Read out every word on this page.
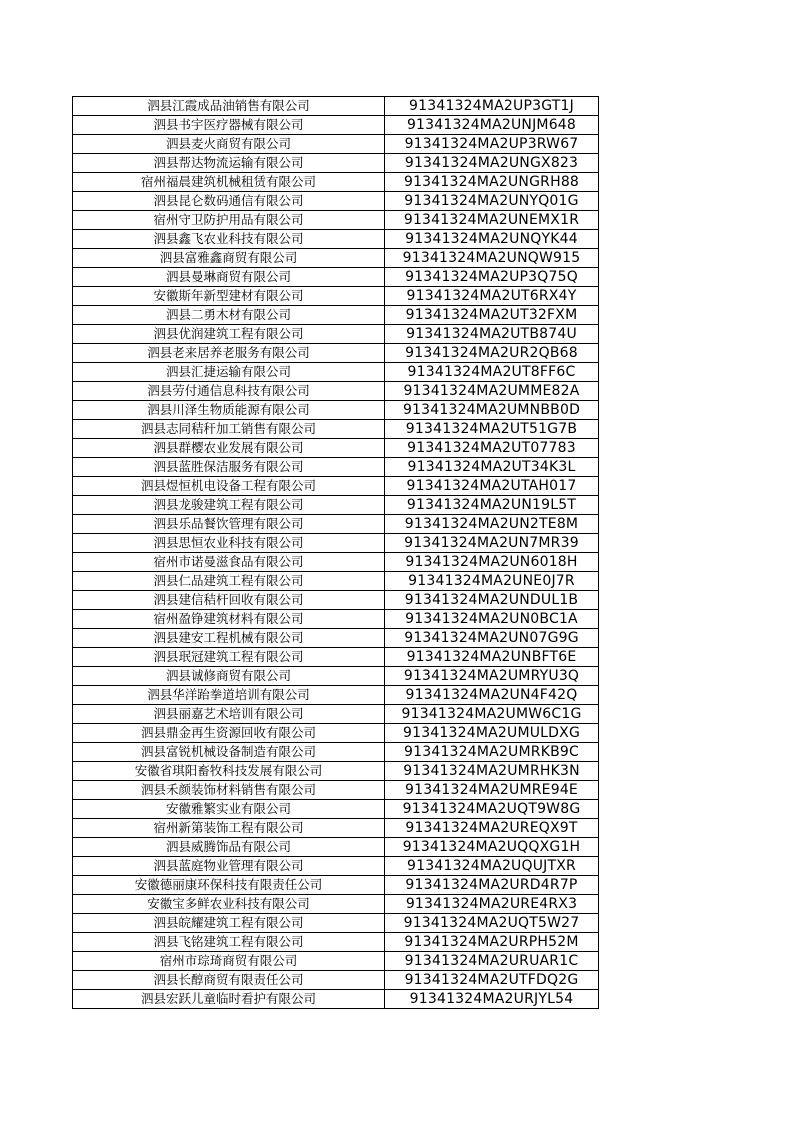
泗县江霞成品油销售有限公司	91341324MA2UP3GT1J
泗县书宇医疗器械有限公司	91341324MA2UNJM648
泗县麦火商贸有限公司	91341324MA2UP3RW67
泗县帮达物流运输有限公司	91341324MA2UNGX823
宿州福晨建筑机械租赁有限公司	91341324MA2UNGRH88
泗县昆仑数码通信有限公司	91341324MA2UNYQ01G
宿州守卫防护用品有限公司	91341324MA2UNEMX1R
泗县鑫飞农业科技有限公司	91341324MA2UNQYK44
泗县富雅鑫商贸有限公司	91341324MA2UNQW915
泗县曼琳商贸有限公司	91341324MA2UP3Q75Q
安徽斯年新型建材有限公司	91341324MA2UT6RX4Y
泗县二勇木材有限公司	91341324MA2UT32FXM
泗县优润建筑工程有限公司	91341324MA2UTB874U
泗县老来居养老服务有限公司	91341324MA2UR2QB68
泗县汇捷运输有限公司	91341324MA2UT8FF6C
泗县劳付通信息科技有限公司	91341324MA2UMME82A
泗县川泽生物质能源有限公司	91341324MA2UMNBB0D
泗县志同秸秆加工销售有限公司	91341324MA2UT51G7B
泗县群樱农业发展有限公司	91341324MA2UT07783
泗县蓝胜保洁服务有限公司	91341324MA2UT34K3L
泗县煜恒机电设备工程有限公司	91341324MA2UTAH017
泗县龙骏建筑工程有限公司	91341324MA2UN19L5T
泗县乐品餐饮管理有限公司	91341324MA2UN2TE8M
泗县思恒农业科技有限公司	91341324MA2UN7MR39
宿州市诺曼滋食品有限公司	91341324MA2UN6018H
泗县仁品建筑工程有限公司	91341324MA2UNE0J7R
泗县建信秸杆回收有限公司	91341324MA2UNDUL1B
宿州盈铮建筑材料有限公司	91341324MA2UN0BC1A
泗县建安工程机械有限公司	91341324MA2UN07G9G
泗县珉冠建筑工程有限公司	91341324MA2UNBFT6E
泗县诚修商贸有限公司	91341324MA2UMRYU3Q
泗县华洋跆拳道培训有限公司	91341324MA2UN4F42Q
泗县丽嘉艺术培训有限公司	91341324MA2UMW6C1G
泗县鼎金再生资源回收有限公司	91341324MA2UMULDXG
泗县富锐机械设备制造有限公司	91341324MA2UMRKB9C
安徽省琪阳畜牧科技发展有限公司	91341324MA2UMRHK3N
泗县禾颜装饰材料销售有限公司	91341324MA2UMRE94E
安徽雅繁实业有限公司	91341324MA2UQT9W8G
宿州新第装饰工程有限公司	91341324MA2UREQX9T
泗县威腾饰品有限公司	91341324MA2UQQXG1H
泗县蓝庭物业管理有限公司	91341324MA2UQUJTXR
安徽德丽康环保科技有限责任公司	91341324MA2URD4R7P
安徽宝多鲜农业科技有限公司	91341324MA2URE4RX3
泗县皖耀建筑工程有限公司	91341324MA2UQT5W27
泗县飞铭建筑工程有限公司	91341324MA2URPH52M
宿州市琮琦商贸有限公司	91341324MA2URUAR1C
泗县长醇商贸有限责任公司	91341324MA2UTFDQ2G
泗县宏跃儿童临时看护有限公司	91341324MA2URJYL54
